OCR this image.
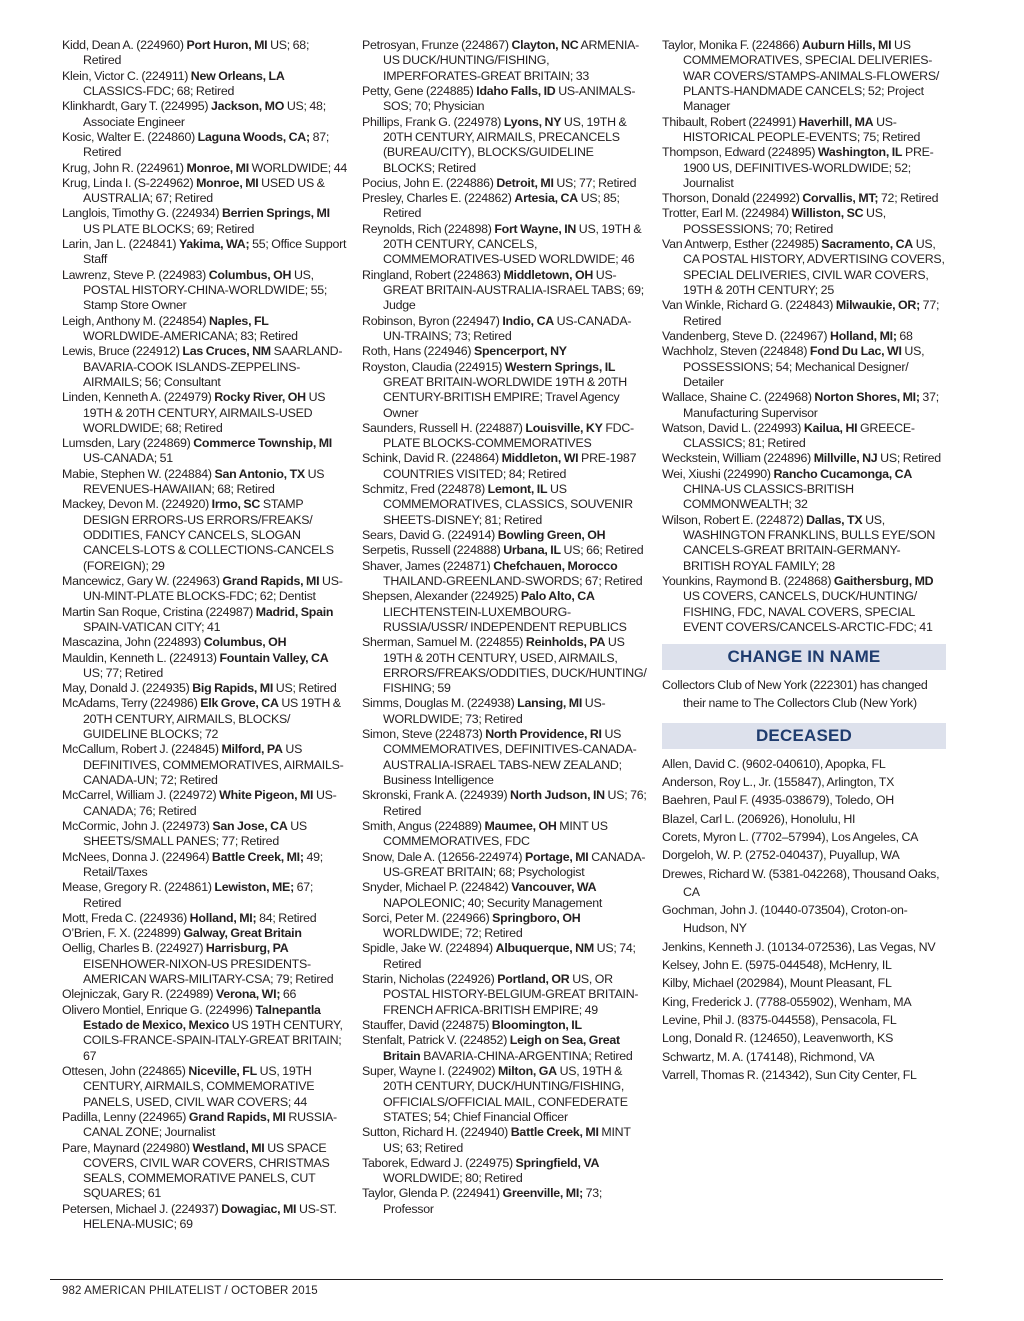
Kidd, Dean A. (224960) Port Huron, MI US; 68; Retired
Klein, Victor C. (224911) New Orleans, LA CLASSICS-FDC; 68; Retired
Klinkhardt, Gary T. (224995) Jackson, MO US; 48; Associate Engineer
Kosic, Walter E. (224860) Laguna Woods, CA; 87; Retired
Krug, John R. (224961) Monroe, MI WORLDWIDE; 44
Krug, Linda I. (S-224962) Monroe, MI USED US & AUSTRALIA; 67; Retired
Langlois, Timothy G. (224934) Berrien Springs, MI US PLATE BLOCKS; 69; Retired
Larin, Jan L. (224841) Yakima, WA; 55; Office Support Staff
Lawrenz, Steve P. (224983) Columbus, OH US, POSTAL HISTORY-CHINA-WORLDWIDE; 55; Stamp Store Owner
Leigh, Anthony M. (224854) Naples, FL WORLDWIDE-AMERICANA; 83; Retired
Lewis, Bruce (224912) Las Cruces, NM SAARLAND-BAVARIA-COOK ISLANDS-ZEPPELINS-AIRMAILS; 56; Consultant
Linden, Kenneth A. (224979) Rocky River, OH US 19TH & 20TH CENTURY, AIRMAILS-USED WORLDWIDE; 68; Retired
Lumsden, Lary (224869) Commerce Township, MI US-CANADA; 51
Mabie, Stephen W. (224884) San Antonio, TX US REVENUES-HAWAIIAN; 68; Retired
Mackey, Devon M. (224920) Irmo, SC STAMP DESIGN ERRORS-US ERRORS/FREAKS/ ODDITIES, FANCY CANCELS, SLOGAN CANCELS-LOTS & COLLECTIONS-CANCELS (FOREIGN); 29
Mancewicz, Gary W. (224963) Grand Rapids, MI US-UN-MINT-PLATE BLOCKS-FDC; 62; Dentist
Martin San Roque, Cristina (224987) Madrid, Spain SPAIN-VATICAN CITY; 41
Mascazina, John (224893) Columbus, OH
Mauldin, Kenneth L. (224913) Fountain Valley, CA US; 77; Retired
May, Donald J. (224935) Big Rapids, MI US; Retired
McAdams, Terry (224986) Elk Grove, CA US 19TH & 20TH CENTURY, AIRMAILS, BLOCKS/ GUIDELINE BLOCKS; 72
McCallum, Robert J. (224845) Milford, PA US DEFINITIVES, COMMEMORATIVES, AIRMAILS-CANADA-UN; 72; Retired
McCarrel, William J. (224972) White Pigeon, MI US-CANADA; 76; Retired
McCormic, John J. (224973) San Jose, CA US SHEETS/SMALL PANES; 77; Retired
McNees, Donna J. (224964) Battle Creek, MI; 49; Retail/Taxes
Mease, Gregory R. (224861) Lewiston, ME; 67; Retired
Mott, Freda C. (224936) Holland, MI; 84; Retired
O’Brien, F. X. (224899) Galway, Great Britain
Oellig, Charles B. (224927) Harrisburg, PA EISENHOWER-NIXON-US PRESIDENTS-AMERICAN WARS-MILITARY-CSA; 79; Retired
Olejniczak, Gary R. (224989) Verona, WI; 66
Olivero Montiel, Enrique G. (224996) Talnepantla Estado de Mexico, Mexico US 19TH CENTURY, COILS-FRANCE-SPAIN-ITALY-GREAT BRITAIN; 67
Ottesen, John (224865) Niceville, FL US, 19TH CENTURY, AIRMAILS, COMMEMORATIVE PANELS, USED, CIVIL WAR COVERS; 44
Padilla, Lenny (224965) Grand Rapids, MI RUSSIA-CANAL ZONE; Journalist
Pare, Maynard (224980) Westland, MI US SPACE COVERS, CIVIL WAR COVERS, CHRISTMAS SEALS, COMMEMORATIVE PANELS, CUT SQUARES; 61
Petersen, Michael J. (224937) Dowagiac, MI US-ST. HELENA-MUSIC; 69
Petrosyan, Frunze (224867) Clayton, NC ARMENIA-US DUCK/HUNTING/FISHING, IMPERFORATES-GREAT BRITAIN; 33
Petty, Gene (224885) Idaho Falls, ID US-ANIMALS-SOS; 70; Physician
Phillips, Frank G. (224978) Lyons, NY US, 19TH & 20TH CENTURY, AIRMAILS, PRECANCELS (BUREAU/CITY), BLOCKS/GUIDELINE BLOCKS; Retired
Pocius, John E. (224886) Detroit, MI US; 77; Retired
Presley, Charles E. (224862) Artesia, CA US; 85; Retired
Reynolds, Rich (224898) Fort Wayne, IN US, 19TH & 20TH CENTURY, CANCELS, COMMEMORATIVES-USED WORLDWIDE; 46
Ringland, Robert (224863) Middletown, OH US-GREAT BRITAIN-AUSTRALIA-ISRAEL TABS; 69; Judge
Robinson, Byron (224947) Indio, CA US-CANADA-UN-TRAINS; 73; Retired
Roth, Hans (224946) Spencerport, NY
Royston, Claudia (224915) Western Springs, IL GREAT BRITAIN-WORLDWIDE 19TH & 20TH CENTURY-BRITISH EMPIRE; Travel Agency Owner
Saunders, Russell H. (224887) Louisville, KY FDC-PLATE BLOCKS-COMMEMORATIVES
Schink, David R. (224864) Middleton, WI PRE-1987 COUNTRIES VISITED; 84; Retired
Schmitz, Fred (224878) Lemont, IL US COMMEMORATIVES, CLASSICS, SOUVENIR SHEETS-DISNEY; 81; Retired
Sears, David G. (224914) Bowling Green, OH
Serpetis, Russell (224888) Urbana, IL US; 66; Retired
Shaver, James (224871) Chefchauen, Morocco THAILAND-GREENLAND-SWORDS; 67; Retired
Shepsen, Alexander (224925) Palo Alto, CA LIECHTENSTEIN-LUXEMBOURG-RUSSIA/USSR/ INDEPENDENT REPUBLICS
Sherman, Samuel M. (224855) Reinholds, PA US 19TH & 20TH CENTURY, USED, AIRMAILS, ERRORS/FREAKS/ODDITIES, DUCK/HUNTING/ FISHING; 59
Simms, Douglas M. (224938) Lansing, MI US-WORLDWIDE; 73; Retired
Simon, Steve (224873) North Providence, RI US COMMEMORATIVES, DEFINITIVES-CANADA-AUSTRALIA-ISRAEL TABS-NEW ZEALAND; Business Intelligence
Skronski, Frank A. (224939) North Judson, IN US; 76; Retired
Smith, Angus (224889) Maumee, OH MINT US COMMEMORATIVES, FDC
Snow, Dale A. (12656-224974) Portage, MI CANADA-US-GREAT BRITAIN; 68; Psychologist
Snyder, Michael P. (224842) Vancouver, WA NAPOLEONIC; 40; Security Management
Sorci, Peter M. (224966) Springboro, OH WORLDWIDE; 72; Retired
Spidle, Jake W. (224894) Albuquerque, NM US; 74; Retired
Starin, Nicholas (224926) Portland, OR US, OR POSTAL HISTORY-BELGIUM-GREAT BRITAIN-FRENCH AFRICA-BRITISH EMPIRE; 49
Stauffer, David (224875) Bloomington, IL
Stenfalt, Patrick V. (224852) Leigh on Sea, Great Britain BAVARIA-CHINA-ARGENTINA; Retired
Super, Wayne I. (224902) Milton, GA US, 19TH & 20TH CENTURY, DUCK/HUNTING/FISHING, OFFICIALS/OFFICIAL MAIL, CONFEDERATE STATES; 54; Chief Financial Officer
Sutton, Richard H. (224940) Battle Creek, MI MINT US; 63; Retired
Taborek, Edward J. (224975) Springfield, VA WORLDWIDE; 80; Retired
Taylor, Glenda P. (224941) Greenville, MI; 73; Professor
Taylor, Monika F. (224866) Auburn Hills, MI US COMMEMORATIVES, SPECIAL DELIVERIES-WAR COVERS/STAMPS-ANIMALS-FLOWERS/ PLANTS-HANDMADE CANCELS; 52; Project Manager
Thibault, Robert (224991) Haverhill, MA US-HISTORICAL PEOPLE-EVENTS; 75; Retired
Thompson, Edward (224895) Washington, IL PRE-1900 US, DEFINITIVES-WORLDWIDE; 52; Journalist
Thorson, Donald (224992) Corvallis, MT; 72; Retired
Trotter, Earl M. (224984) Williston, SC US, POSSESSIONS; 70; Retired
Van Antwerp, Esther (224985) Sacramento, CA US, CA POSTAL HISTORY, ADVERTISING COVERS, SPECIAL DELIVERIES, CIVIL WAR COVERS, 19TH & 20TH CENTURY; 25
Van Winkle, Richard G. (224843) Milwaukie, OR; 77; Retired
Vandenberg, Steve D. (224967) Holland, MI; 68
Wachholz, Steven (224848) Fond Du Lac, WI US, POSSESSIONS; 54; Mechanical Designer/ Detailer
Wallace, Shaine C. (224968) Norton Shores, MI; 37; Manufacturing Supervisor
Watson, David L. (224993) Kailua, HI GREECE-CLASSICS; 81; Retired
Weckstein, William (224896) Millville, NJ US; Retired
Wei, Xiushi (224990) Rancho Cucamonga, CA CHINA-US CLASSICS-BRITISH COMMONWEALTH; 32
Wilson, Robert E. (224872) Dallas, TX US, WASHINGTON FRANKLINS, BULLS EYE/SON CANCELS-GREAT BRITAIN-GERMANY-BRITISH ROYAL FAMILY; 28
Younkins, Raymond B. (224868) Gaithersburg, MD US COVERS, CANCELS, DUCK/HUNTING/ FISHING, FDC, NAVAL COVERS, SPECIAL EVENT COVERS/CANCELS-ARCTIC-FDC; 41
CHANGE IN NAME
Collectors Club of New York (222301) has changed their name to The Collectors Club (New York)
DECEASED
Allen, David C. (9602-040610), Apopka, FL
Anderson, Roy L., Jr. (155847), Arlington, TX
Baehren, Paul F. (4935-038679), Toledo, OH
Blazel, Carl L. (206926), Honolulu, HI
Corets, Myron L. (7702–57994), Los Angeles, CA
Dorgeloh, W. P. (2752-040437), Puyallup, WA
Drewes, Richard W. (5381-042268), Thousand Oaks, CA
Gochman, John J. (10440-073504), Croton-on-Hudson, NY
Jenkins, Kenneth J. (10134-072536), Las Vegas, NV
Kelsey, John E. (5975-044548), McHenry, IL
Kilby, Michael (202984), Mount Pleasant, FL
King, Frederick J. (7788-055902), Wenham, MA
Levine, Phil J. (8375-044558), Pensacola, FL
Long, Donald R. (124650), Leavenworth, KS
Schwartz, M. A. (174148), Richmond, VA
Varrell, Thomas R. (214342), Sun City Center, FL
982 AMERICAN PHILATELIST / OCTOBER 2015
